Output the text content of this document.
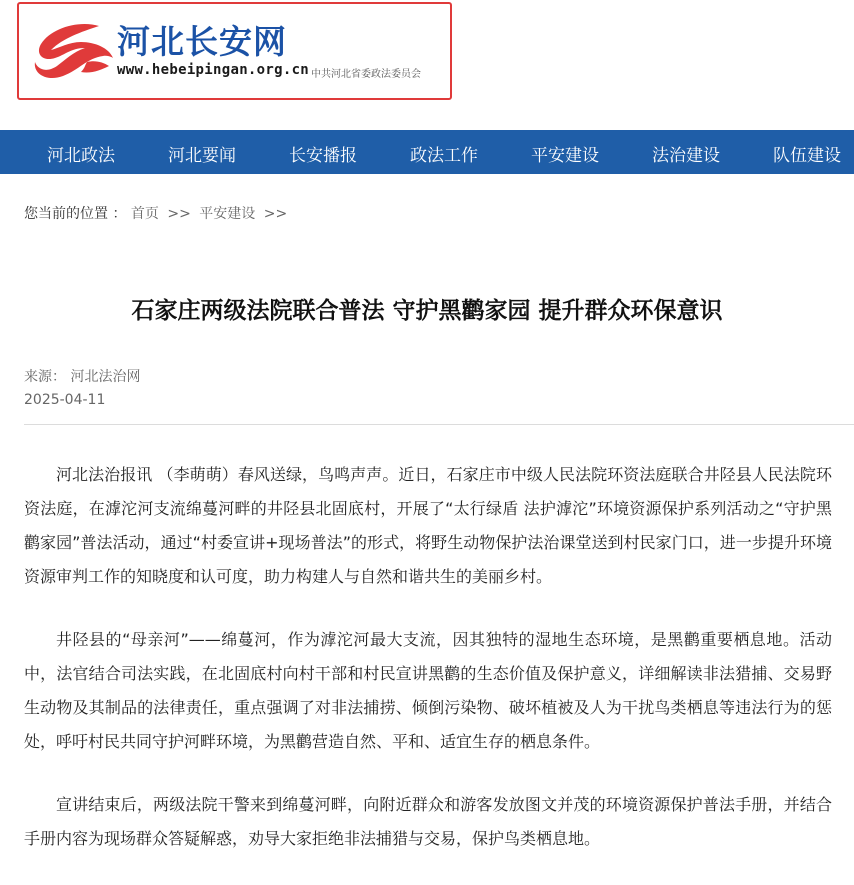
河北长安网
www.hebeipingan.org.cn 中共河北省委政法委员会
河北政法	河北要闻	长安播报	政法工作	平安建设	法治建设	队伍建设
您当前的位置 ： 首页 >> 平安建设 >>
石家庄两级法院联合普法 守护黑鹳家园 提升群众环保意识
来源： 河北法治网
2025-04-11

河北法治报讯 （李萌萌）春风送绿，鸟鸣声声。近日，石家庄市中级人民法院环资法庭联合井陉县人民法院环资法庭，在滹沱河支流绵蔓河畔的井陉县北固底村，开展了“太行绿盾 法护滹沱”环境资源保护系列活动之“守护黑鹳家园”普法活动，通过“村委宣讲+现场普法”的形式，将野生动物保护法治课堂送到村民家门口，进一步提升环境资源审判工作的知晓度和认可度，助力构建人与自然和谐共生的美丽乡村。

井陉县的“母亲河”——绵蔓河，作为滹沱河最大支流，因其独特的湿地生态环境，是黑鹳重要栖息地。活动中，法官结合司法实践，在北固底村向村干部和村民宣讲黑鹳的生态价值及保护意义，详细解读非法猎捕、交易野生动物及其制品的法律责任，重点强调了对非法捕捞、倾倒污染物、破坏植被及人为干扰鸟类栖息等违法行为的惩处，呼吁村民共同守护河畔环境，为黑鹳营造自然、平和、适宜生存的栖息条件。

宣讲结束后，两级法院干警来到绵蔓河畔，向附近群众和游客发放图文并茂的环境资源保护普法手册，并结合手册内容为现场群众答疑解惑，劝导大家拒绝非法捕猎与交易，保护鸟类栖息地。
